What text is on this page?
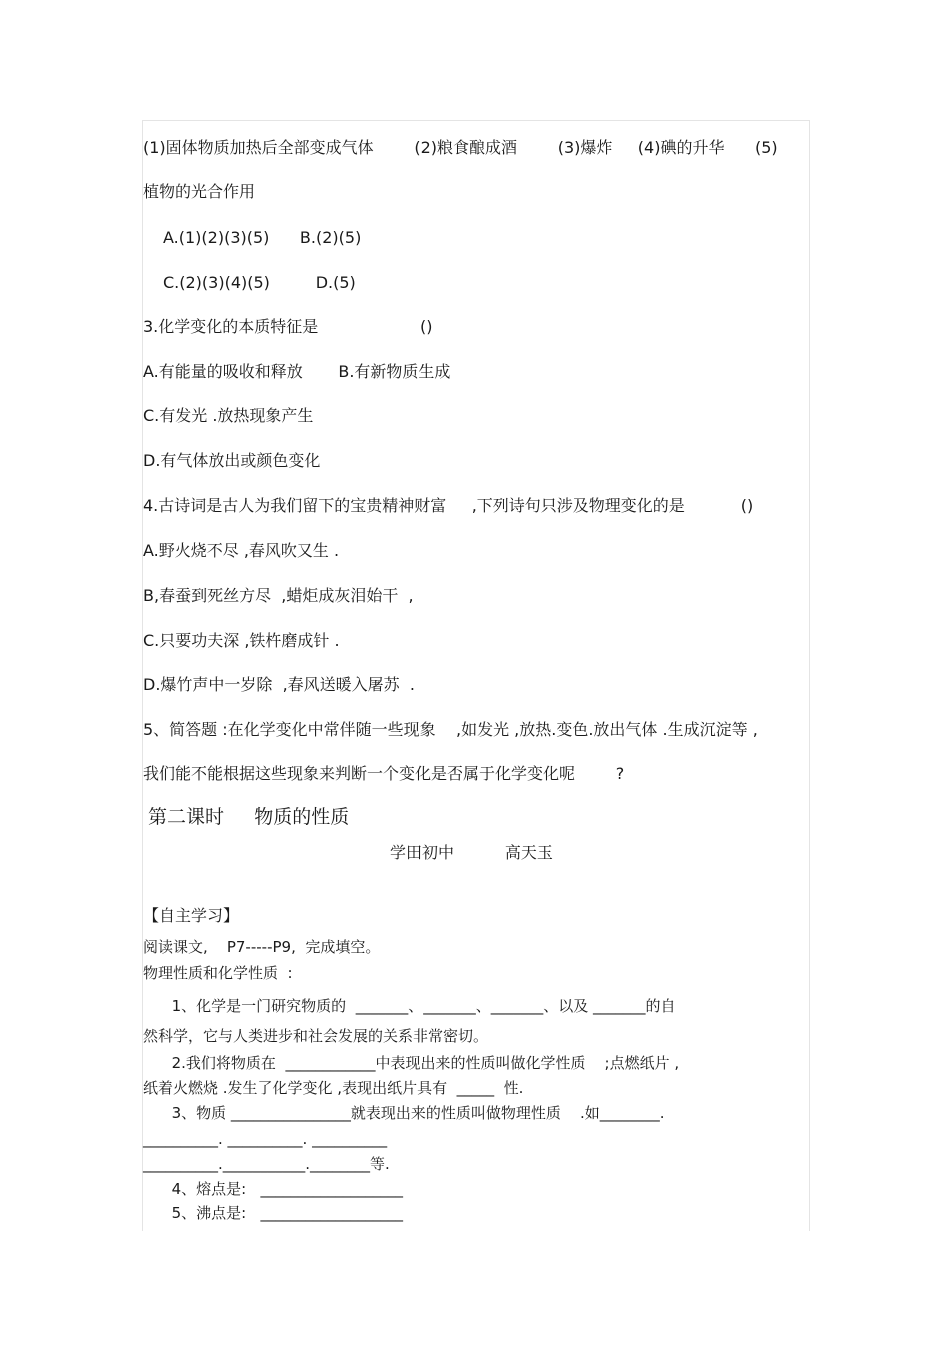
(1)固体物质加热后全部变成气体        (2)粮食酿成酒        (3)爆炸     (4)碘的升华      (5)
植物的光合作用
A.(1)(2)(3)(5)      B.(2)(5)
C.(2)(3)(4)(5)         D.(5)
3.化学变化的本质特征是                    ()
A.有能量的吸收和释放       B.有新物质生成
C.有发光 .放热现象产生
D.有气体放出或颜色变化
4.古诗词是古人为我们留下的宝贵精神财富     ,下列诗句只涉及物理变化的是           ()
A.野火烧不尽 ,春风吹又生 .
B,春蚕到死丝方尽  ,蜡炬成灰泪始干  ,
C.只要功夫深 ,铁杵磨成针 .
D.爆竹声中一岁除  ,春风送暖入屠苏  .
5、简答题 :在化学变化中常伴随一些现象    ,如发光 ,放热.变色.放出气体 .生成沉淀等 ,
我们能不能根据这些现象来判断一个变化是否属于化学变化呢        ?
第二课时     物质的性质
学田初中          高天玉
【自主学习】
阅读课文,    P7-----P9,  完成填空。
物理性质和化学性质  :
1、化学是一门研究物质的  _______、_______、_______、以及 _______的自
然科学，它与人类进步和社会发展的关系非常密切。
2.我们将物质在  ____________中表现出来的性质叫做化学性质    ;点燃纸片 ,
纸着火燃烧 .发生了化学变化 ,表现出纸片具有  _____  性.
3、物质 ________________就表现出来的性质叫做物理性质    .如________.
__________. __________. __________
__________.___________.________等.
4、熔点是:   ___________________
5、沸点是:   ___________________
